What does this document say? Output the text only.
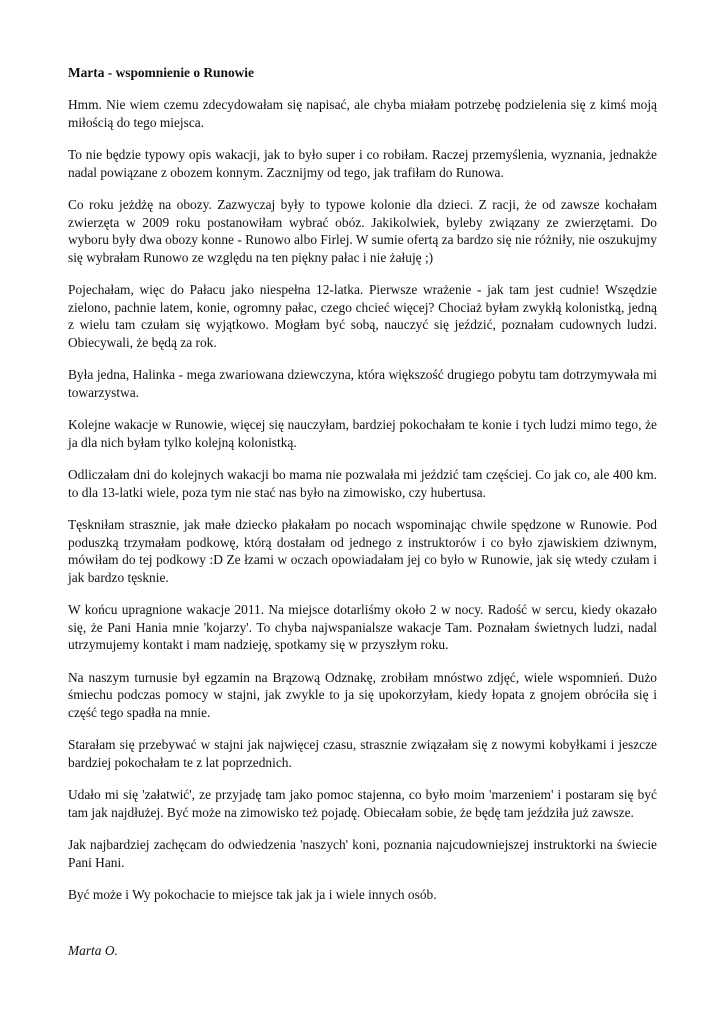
Marta - wspomnienie o Runowie

Hmm. Nie wiem czemu zdecydowałam się napisać, ale chyba miałam potrzebę podzielenia się z kimś moją miłością do tego miejsca.

To nie będzie typowy opis wakacji, jak to było super i co robiłam. Raczej przemyślenia, wyznania, jednakże nadal powiązane z obozem konnym. Zacznijmy od tego, jak trafiłam do Runowa.

Co roku jeżdżę na obozy. Zazwyczaj były to typowe kolonie dla dzieci. Z racji, że od zawsze kochałam zwierzęta w 2009 roku postanowiłam wybrać obóz. Jakikolwiek, byleby związany ze zwierzętami. Do wyboru były dwa obozy konne - Runowo albo Firlej. W sumie ofertą za bardzo się nie różniły, nie oszukujmy się wybrałam Runowo ze względu na ten piękny pałac i nie żałuję ;)

Pojechałam, więc do Pałacu jako niespełna 12-latka. Pierwsze wrażenie - jak tam jest cudnie! Wszędzie zielono, pachnie latem, konie, ogromny pałac, czego chcieć więcej? Chociaż byłam zwykłą kolonistką, jedną z wielu tam czułam się wyjątkowo. Mogłam być sobą, nauczyć się jeździć, poznałam cudownych ludzi. Obiecywali, że będą za rok.

Była jedna, Halinka - mega zwariowana dziewczyna, która większość drugiego pobytu tam dotrzymywała mi towarzystwa.

Kolejne wakacje w Runowie, więcej się nauczyłam, bardziej pokochałam te konie i tych ludzi mimo tego, że ja dla nich byłam tylko kolejną kolonistką.

Odliczałam dni do kolejnych wakacji bo mama nie pozwalała mi jeździć tam częściej. Co jak co, ale 400 km. to dla 13-latki wiele, poza tym nie stać nas było na zimowisko, czy hubertusa.

Tęskniłam strasznie, jak małe dziecko płakałam po nocach wspominając chwile spędzone w Runowie. Pod poduszką trzymałam podkowę, którą dostałam od jednego z instruktorów i co było zjawiskiem dziwnym, mówiłam do tej podkowy :D Ze łzami w oczach opowiadałam jej co było w Runowie, jak się wtedy czułam i jak bardzo tęsknie.

W końcu upragnione wakacje 2011. Na miejsce dotarliśmy około 2 w nocy. Radość w sercu, kiedy okazało się, że Pani Hania mnie 'kojarzy'. To chyba najwspanialsze wakacje Tam. Poznałam świetnych ludzi, nadal utrzymujemy kontakt i mam nadzieję, spotkamy się w przyszłym roku.

Na naszym turnusie był egzamin na Brązową Odznakę, zrobiłam mnóstwo zdjęć, wiele wspomnień. Dużo śmiechu podczas pomocy w stajni, jak zwykle to ja się upokorzyłam, kiedy łopata z gnojem obróciła się i część tego spadła na mnie.

Starałam się przebywać w stajni jak najwięcej czasu, strasznie związałam się z nowymi kobyłkami i jeszcze bardziej pokochałam te z lat poprzednich.

Udało mi się 'załatwić', ze przyjadę tam jako pomoc stajenna, co było moim 'marzeniem' i postaram się być tam jak najdłużej. Być może na zimowisko też pojadę. Obiecałam sobie, że będę tam jeździła już zawsze.

Jak najbardziej zachęcam do odwiedzenia 'naszych' koni, poznania najcudowniejszej instruktorki na świecie Pani Hani.

Być może i Wy pokochacie to miejsce tak jak ja i wiele innych osób.

Marta O.
